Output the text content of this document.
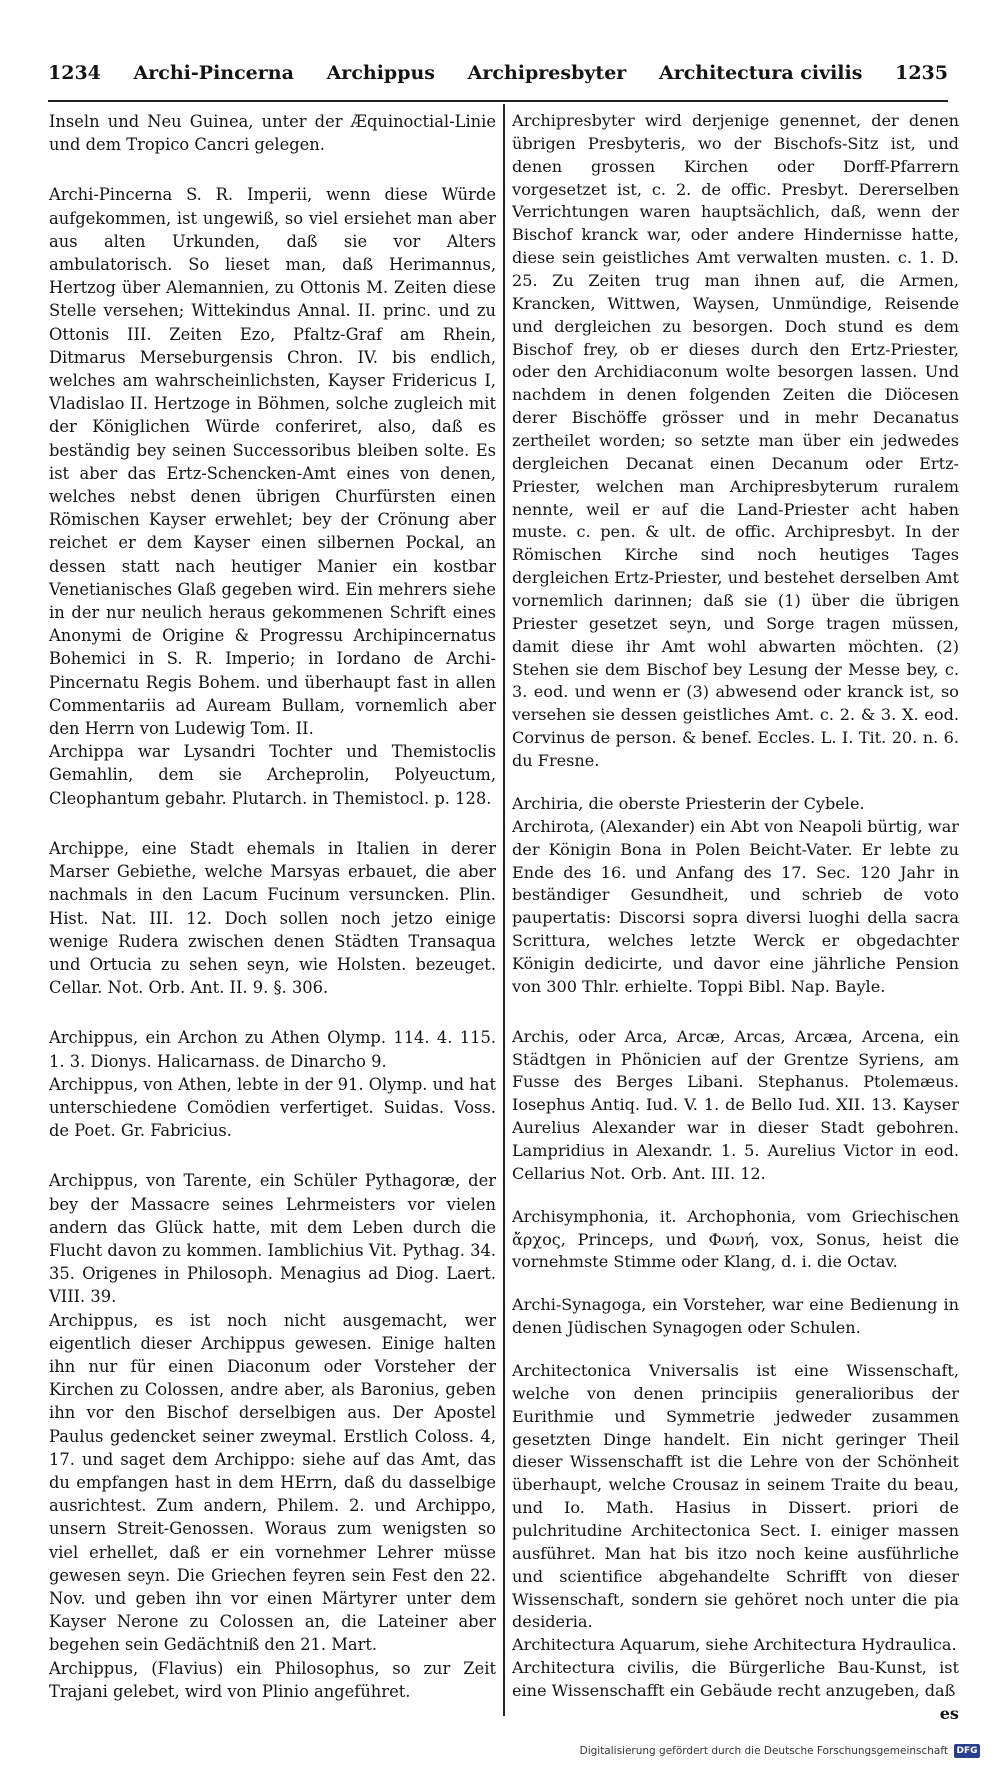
1234 Archi-Pincerna Archippus Archipresbyter Architectura civilis 1235

Inseln und Neu Guinea, unter der Æquinoctial-Linie und dem Tropico Cancri gelegen.

Archi-Pincerna S. R. Imperii, wenn diese Würde aufgekommen, ist ungewiß, so viel ersiehet man aber aus alten Urkunden, daß sie vor Alters ambulatorisch. So lieset man, daß Herimannus, Hertzog über Alemannien, zu Ottonis M. Zeiten diese Stelle versehen; Wittekindus Annal. II. princ. und zu Ottonis III. Zeiten Ezo, Pfaltz-Graf am Rhein, Ditmarus Merseburgensis Chron. IV. bis endlich, welches am wahrscheinlichsten, Kayser Fridericus I, Vladislao II. Hertzoge in Böhmen, solche zugleich mit der Königlichen Würde conferiret, also, daß es beständig bey seinen Successoribus bleiben solte. Es ist aber das Ertz-Schencken-Amt eines von denen, welches nebst denen übrigen Churfürsten einen Römischen Kayser erwehlet; bey der Crönung aber reichet er dem Kayser einen silbernen Pockal, an dessen statt nach heutiger Manier ein kostbar Venetianisches Glaß gegeben wird. Ein mehrers siehe in der nur neulich heraus gekommenen Schrift eines Anonymi de Origine & Progressu Archipincernatus Bohemici in S. R. Imperio; in Iordano de Archi-Pincernatu Regis Bohem. und überhaupt fast in allen Commentariis ad Auream Bullam, vornemlich aber den Herrn von Ludewig Tom. II.

Archippa war Lysandri Tochter und Themistoclis Gemahlin, dem sie Archeprolin, Polyeuctum, Cleophantum gebahr. Plutarch. in Themistocl. p. 128.

Archippe, eine Stadt ehemals in Italien in derer Marser Gebiethe, welche Marsyas erbauet, die aber nachmals in den Lacum Fucinum versuncken. Plin. Hist. Nat. III. 12. Doch sollen noch jetzo einige wenige Rudera zwischen denen Städten Transaqua und Ortucia zu sehen seyn, wie Holsten. bezeuget. Cellar. Not. Orb. Ant. II. 9. §. 306.

Archippus, ein Archon zu Athen Olymp. 114. 4. 115. 1. 3. Dionys. Halicarnass. de Dinarcho 9.

Archippus, von Athen, lebte in der 91. Olymp. und hat unterschiedene Comödien verfertiget. Suidas. Voss. de Poet. Gr. Fabricius.

Archippus, von Tarente, ein Schüler Pythagoræ, der bey der Massacre seines Lehrmeisters vor vielen andern das Glück hatte, mit dem Leben durch die Flucht davon zu kommen. Iamblichius Vit. Pythag. 34. 35. Origenes in Philosoph. Menagius ad Diog. Laert. VIII. 39.

Archippus, es ist noch nicht ausgemacht, wer eigentlich dieser Archippus gewesen. Einige halten ihn nur für einen Diaconum oder Vorsteher der Kirchen zu Colossen, andre aber, als Baronius, geben ihn vor den Bischof derselbigen aus. Der Apostel Paulus gedencket seiner zweymal. Erstlich Coloss. 4, 17. und saget dem Archippo: siehe auf das Amt, das du empfangen hast in dem HErrn, daß du dasselbige ausrichtest. Zum andern, Philem. 2. und Archippo, unsern Streit-Genossen. Woraus zum wenigsten so viel erhellet, daß er ein vornehmer Lehrer müsse gewesen seyn. Die Griechen feyren sein Fest den 22. Nov. und geben ihn vor einen Märtyrer unter dem Kayser Nerone zu Colossen an, die Lateiner aber begehen sein Gedächtniß den 21. Mart.

Archippus, (Flavius) ein Philosophus, so zur Zeit Trajani gelebet, wird von Plinio angeführet.

Archipresbyter wird derjenige genennet, der denen übrigen Presbyteris, wo der Bischofs-Sitz ist, und denen grossen Kirchen oder Dorff-Pfarrern vorgesetzet ist, c. 2. de offic. Presbyt. Dererselben Verrichtungen waren hauptsächlich, daß, wenn der Bischof kranck war, oder andere Hindernisse hatte, diese sein geistliches Amt verwalten musten. c. 1. D. 25. Zu Zeiten trug man ihnen auf, die Armen, Krancken, Wittwen, Waysen, Unmündige, Reisende und dergleichen zu besorgen. Doch stund es dem Bischof frey, ob er dieses durch den Ertz-Priester, oder den Archidiaconum wolte besorgen lassen. Und nachdem in denen folgenden Zeiten die Diöcesen derer Bischöffe grösser und in mehr Decanatus zertheilet worden; so setzte man über ein jedwedes dergleichen Decanat einen Decanum oder Ertz-Priester, welchen man Archipresbyterum ruralem nennte, weil er auf die Land-Priester acht haben muste. c. pen. & ult. de offic. Archipresbyt. In der Römischen Kirche sind noch heutiges Tages dergleichen Ertz-Priester, und bestehet derselben Amt vornemlich darinnen; daß sie (1) über die übrigen Priester gesetzet seyn, und Sorge tragen müssen, damit diese ihr Amt wohl abwarten möchten. (2) Stehen sie dem Bischof bey Lesung der Messe bey, c. 3. eod. und wenn er (3) abwesend oder kranck ist, so versehen sie dessen geistliches Amt. c. 2. & 3. X. eod. Corvinus de person. & benef. Eccles. L. I. Tit. 20. n. 6. du Fresne.

Archiria, die oberste Priesterin der Cybele.

Archirota, (Alexander) ein Abt von Neapoli bürtig, war der Königin Bona in Polen Beicht-Vater. Er lebte zu Ende des 16. und Anfang des 17. Sec. 120 Jahr in beständiger Gesundheit, und schrieb de voto paupertatis: Discorsi sopra diversi luoghi della sacra Scrittura, welches letzte Werck er obgedachter Königin dedicirte, und davor eine jährliche Pension von 300 Thlr. erhielte. Toppi Bibl. Nap. Bayle.

Archis, oder Arca, Arcæ, Arcas, Arcæa, Arcena, ein Städtgen in Phönicien auf der Grentze Syriens, am Fusse des Berges Libani. Stephanus. Ptolemæus. Iosephus Antiq. Iud. V. 1. de Bello Iud. XII. 13. Kayser Aurelius Alexander war in dieser Stadt gebohren. Lampridius in Alexandr. 1. 5. Aurelius Victor in eod. Cellarius Not. Orb. Ant. III. 12.

Archisymphonia, it. Archophonia, vom Griechischen ἄρχος, Princeps, und Φωνή, vox, Sonus, heist die vornehmste Stimme oder Klang, d. i. die Octav.

Archi-Synagoga, ein Vorsteher, war eine Bedienung in denen Jüdischen Synagogen oder Schulen.

Architectonica Vniversalis ist eine Wissenschaft, welche von denen principiis generalioribus der Eurithmie und Symmetrie jedweder zusammen gesetzten Dinge handelt. Ein nicht geringer Theil dieser Wissenschafft ist die Lehre von der Schönheit überhaupt, welche Crousaz in seinem Traite du beau, und Io. Math. Hasius in Dissert. priori de pulchritudine Architectonica Sect. I. einiger massen ausführet. Man hat bis itzo noch keine ausführliche und scientifice abgehandelte Schrifft von dieser Wissenschaft, sondern sie gehöret noch unter die pia desideria.

Architectura Aquarum, siehe Architectura Hydraulica.

Architectura civilis, die Bürgerliche Bau-Kunst, ist eine Wissenschafft ein Gebäude recht anzugeben, daß

es

Digitalisierung gefördert durch die Deutsche Forschungsgemeinschaft DFG
